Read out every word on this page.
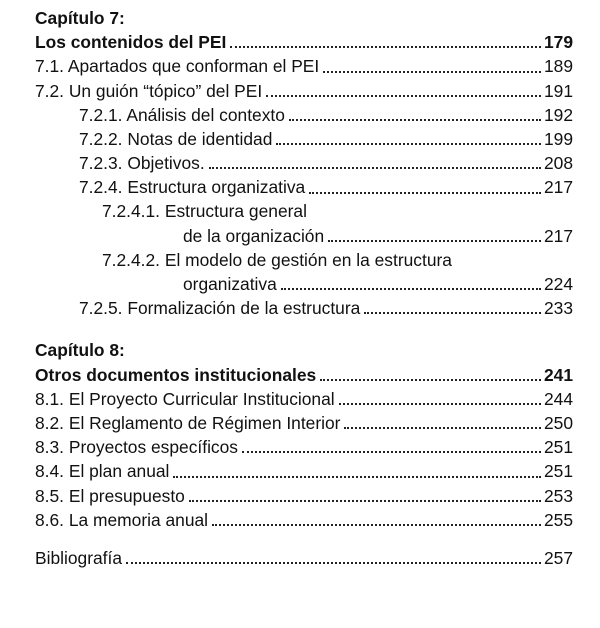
Capítulo 7:
Los contenidos del PEI	179
7.1. Apartados que conforman el PEI	189
7.2. Un guión “tópico” del PEI	191
7.2.1. Análisis del contexto	192
7.2.2. Notas de identidad	199
7.2.3. Objetivos.	208
7.2.4. Estructura organizativa	217
7.2.4.1. Estructura general
de la organización	217
7.2.4.2. El modelo de gestión en la estructura
organizativa	224
7.2.5. Formalización de la estructura	233
Capítulo 8:
Otros documentos institucionales	241
8.1. El Proyecto Curricular Institucional	244
8.2. El Reglamento de Régimen Interior	250
8.3. Proyectos específicos	251
8.4. El plan anual	251
8.5. El presupuesto	253
8.6. La memoria anual	255
Bibliografía	257
